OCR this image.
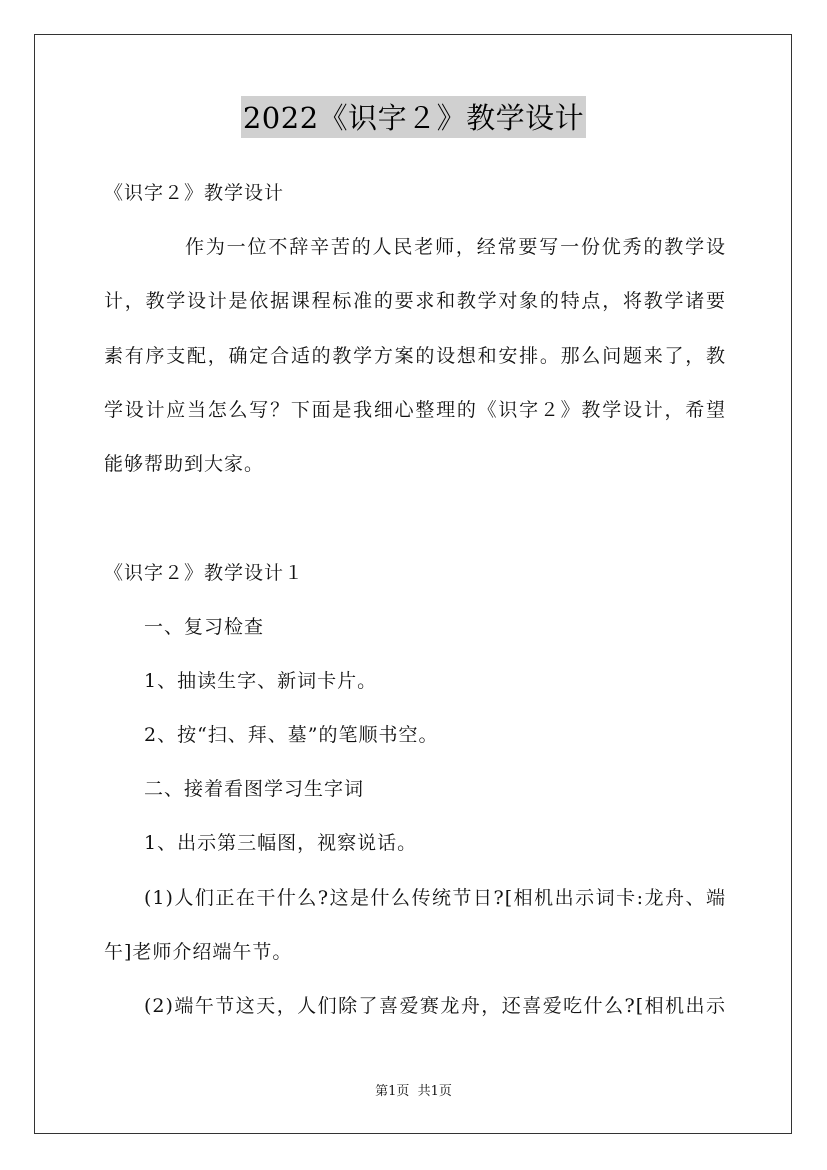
2022《识字２》教学设计
《识字２》教学设计
作为一位不辞辛苦的人民老师，经常要写一份优秀的教学设
计，教学设计是依据课程标准的要求和教学对象的特点，将教学诸要
素有序支配，确定合适的教学方案的设想和安排。那么问题来了，教
学设计应当怎么写？下面是我细心整理的《识字２》教学设计，希望
能够帮助到大家。
《识字２》教学设计１
一、复习检查
1、抽读生字、新词卡片。
2、按“扫、拜、墓”的笔顺书空。
二、接着看图学习生字词
1、出示第三幅图，视察说话。
(1)人们正在干什么?这是什么传统节日?[相机出示词卡:龙舟、端
午]老师介绍端午节。
(2)端午节这天，人们除了喜爱赛龙舟，还喜爱吃什么?[相机出示
第1页 共1页
